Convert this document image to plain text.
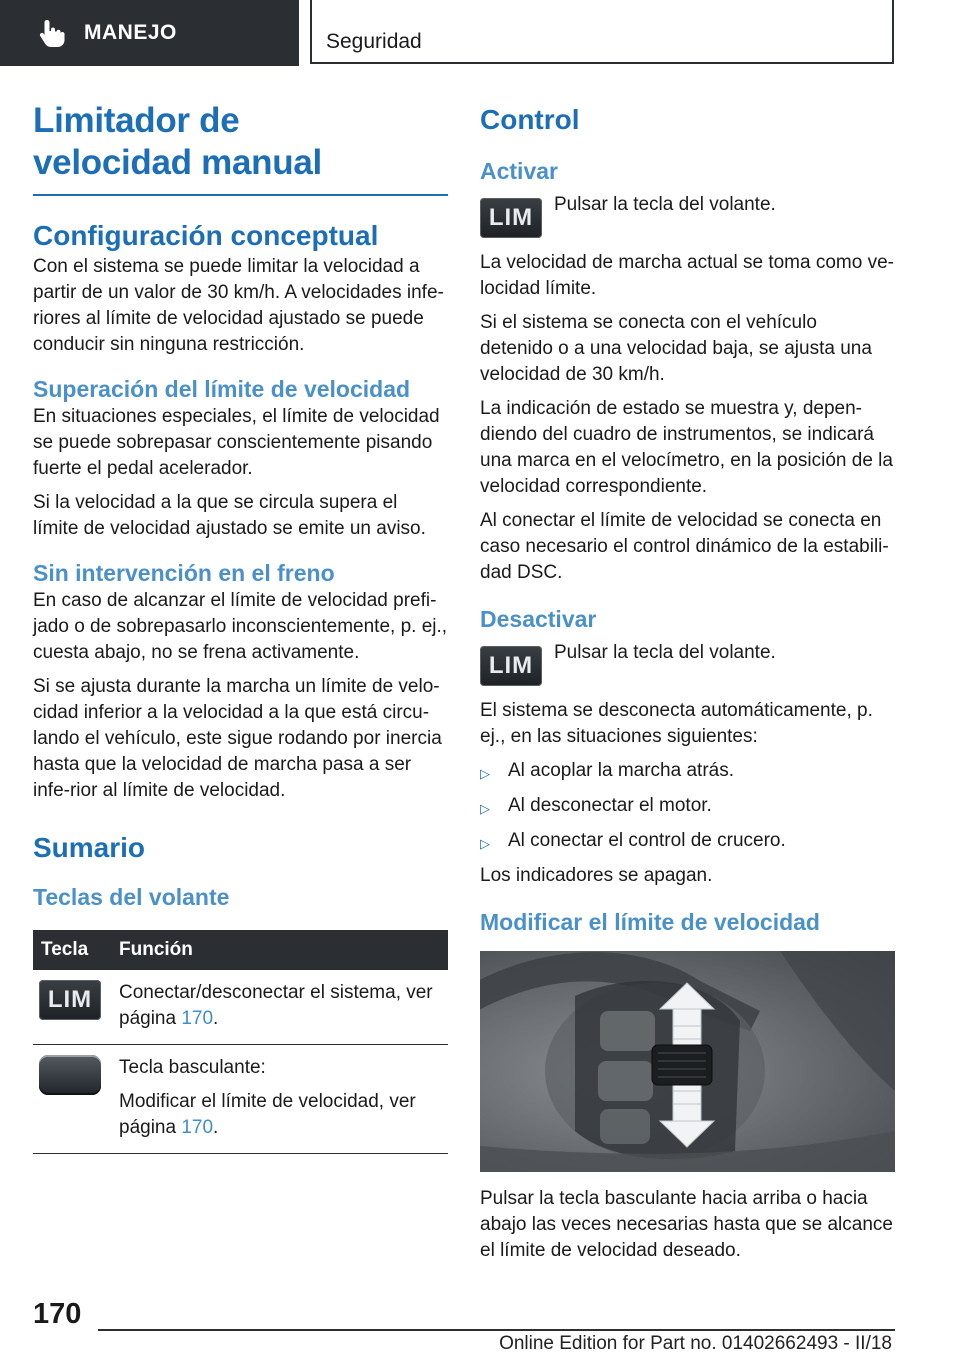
MANEJO	Seguridad
Limitador de velocidad manual
Configuración conceptual

Con el sistema se puede limitar la velocidad a partir de un valor de 30 km/h. A velocidades infe‐riores al límite de velocidad ajustado se puede conducir sin ninguna restricción.

Superación del límite de velocidad

En situaciones especiales, el límite de velocidad se puede sobrepasar conscientemente pisando fuerte el pedal acelerador.

Si la velocidad a la que se circula supera el límite de velocidad ajustado se emite un aviso.

Sin intervención en el freno

En caso de alcanzar el límite de velocidad prefi‐jado o de sobrepasarlo inconscientemente, p. ej., cuesta abajo, no se frena activamente.

Si se ajusta durante la marcha un límite de velo‐cidad inferior a la velocidad a la que está circu‐lando el vehículo, este sigue rodando por inercia hasta que la velocidad de marcha pasa a ser infe‐rior al límite de velocidad.

Sumario
Teclas del volante
Tecla	Función

LIM	Conectar/desconectar el sistema, ver página 170.

	Tecla basculante:
Modificar el límite de velocidad, ver página 170.
Control
Activar
LIM	Pulsar la tecla del volante.

La velocidad de marcha actual se toma como ve‐locidad límite.

Si el sistema se conecta con el vehículo detenido o a una velocidad baja, se ajusta una velocidad de 30 km/h.

La indicación de estado se muestra y, depen‐diendo del cuadro de instrumentos, se indicará una marca en el velocímetro, en la posición de la velocidad correspondiente.

Al conectar el límite de velocidad se conecta en caso necesario el control dinámico de la estabili‐dad DSC.

Desactivar
LIM	Pulsar la tecla del volante.

El sistema se desconecta automáticamente, p. ej., en las situaciones siguientes:

▷ Al acoplar la marcha atrás.
▷ Al desconectar el motor.
▷ Al conectar el control de crucero.

Los indicadores se apagan.

Modificar el límite de velocidad

Pulsar la tecla basculante hacia arriba o hacia abajo las veces necesarias hasta que se alcance el límite de velocidad deseado.

170
Online Edition for Part no. 01402662493 - II/18
